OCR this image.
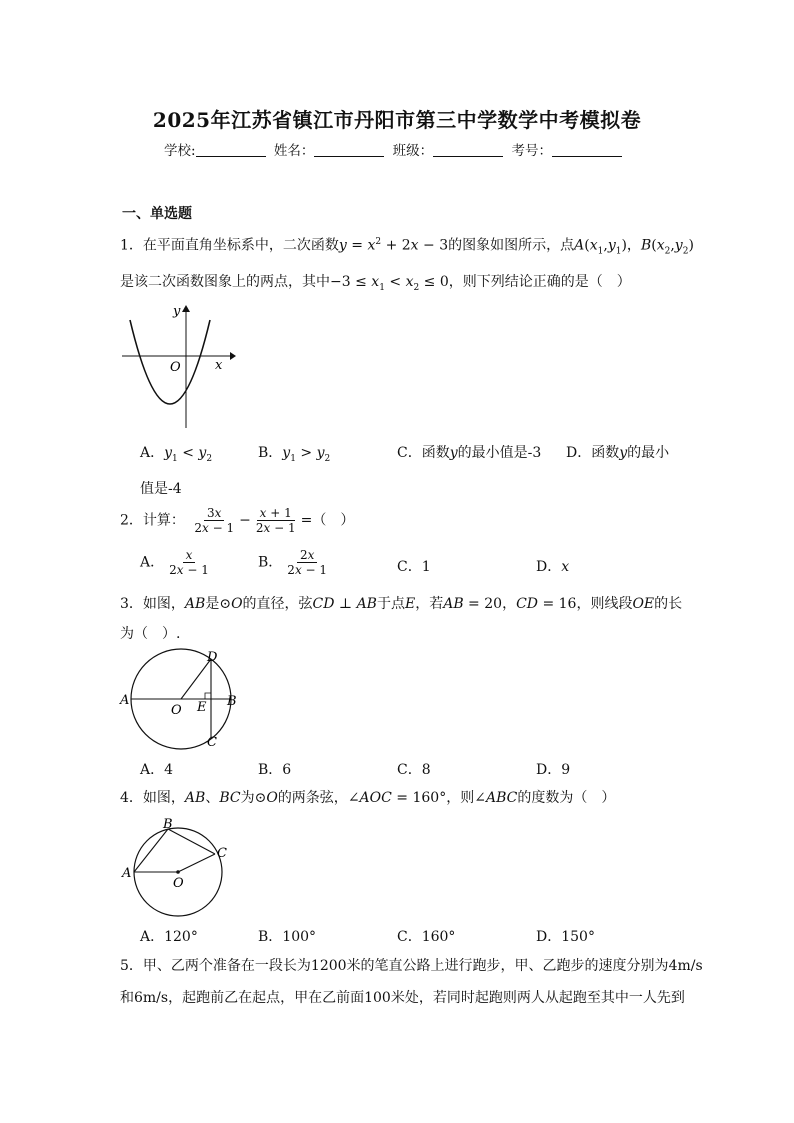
2025年江苏省镇江市丹阳市第三中学数学中考模拟卷
学校:	姓名：	班级：	考号：
一、单选题
1．在平面直角坐标系中，二次函数$y = x^2 + 2x - 3$的图象如图所示，点$A(x_1,y_1)$，$B(x_2,y_2)$
是该二次函数图象上的两点，其中$-3 \le x_1 < x_2 \le 0$，则下列结论正确的是（　）
y
O	x
A．$y_1 < y_2$	B．$y_1 > y_2$	C．函数y的最小值是-3 D．函数y的最小
值是-4
2．计算： $\frac{3x}{2x - 1} - \frac{x + 1}{2x - 1}$ =（　）
A． $\frac{x}{2x - 1}$	B． $\frac{2x}{2x - 1}$	C．1	D．x
3．如图，AB是⊙O的直径，弦CD ⊥ AB于点E，若AB = 20，CD = 16，则线段OE的长
为（　）.
A	B
C
D
E
O
A．4	B．6	C．8	D．9
4．如图，AB、BC为⊙O的两条弦，∠AOC = 160°，则∠ABC的度数为（　）
A
B
C
O
A．120°	B．100°	C．160°	D．150°
5．甲、乙两个准备在一段长为1200米的笔直公路上进行跑步，甲、乙跑步的速度分别为4m/s
和6m/s，起跑前乙在起点，甲在乙前面100米处，若同时起跑则两人从起跑至其中一人先到
